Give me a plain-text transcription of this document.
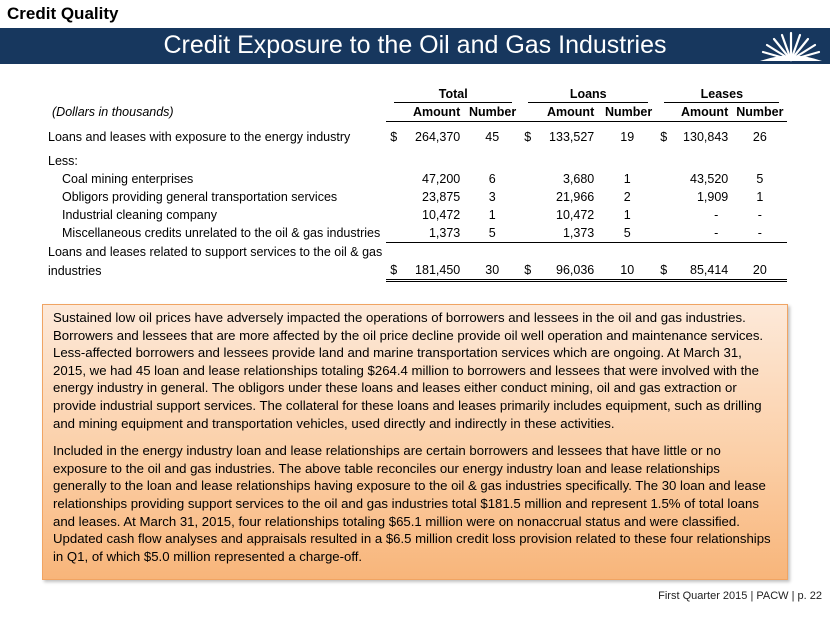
Credit Quality
Credit Exposure to the Oil and Gas Industries

	Total		Loans		Leases	

(Dollars in thousands)	Amount	Number	Amount	Number	Amount	Number

Loans and leases with exposure to the energy industry	$ 264,370	45	$ 133,527	19	$ 130,843	26

Less:						
Coal mining enterprises	47,200	6	3,680	1	43,520	5
Obligors providing general transportation services	23,875	3	21,966	2	1,909	1
Industrial cleaning company	10,472	1	10,472	1	-	-
Miscellaneous credits unrelated to the oil & gas industries	1,373	5	1,373	5	-	-
Loans and leases related to support services to the oil & gas						
industries	$ 181,450	30	$ 96,036	10	$ 85,414	20

Sustained low oil prices have adversely impacted the operations of borrowers and lessees in the oil and gas industries. Borrowers and lessees that are more affected by the oil price decline provide oil well operation and maintenance services. Less-affected borrowers and lessees provide land and marine transportation services which are ongoing. At March 31, 2015, we had 45 loan and lease relationships totaling $264.4 million to borrowers and lessees that were involved with the energy industry in general. The obligors under these loans and leases either conduct mining, oil and gas extraction or provide industrial support services. The collateral for these loans and leases primarily includes equipment, such as drilling and mining equipment and transportation vehicles, used directly and indirectly in these activities.

Included in the energy industry loan and lease relationships are certain borrowers and lessees that have little or no exposure to the oil and gas industries. The above table reconciles our energy industry loan and lease relationships generally to the loan and lease relationships having exposure to the oil & gas industries specifically. The 30 loan and lease relationships providing support services to the oil and gas industries total $181.5 million and represent 1.5% of total loans and leases. At March 31, 2015, four relationships totaling $65.1 million were on nonaccrual status and were classified. Updated cash flow analyses and appraisals resulted in a $6.5 million credit loss provision related to these four relationships in Q1, of which $5.0 million represented a charge-off.

First Quarter 2015 | PACW | p. 22
